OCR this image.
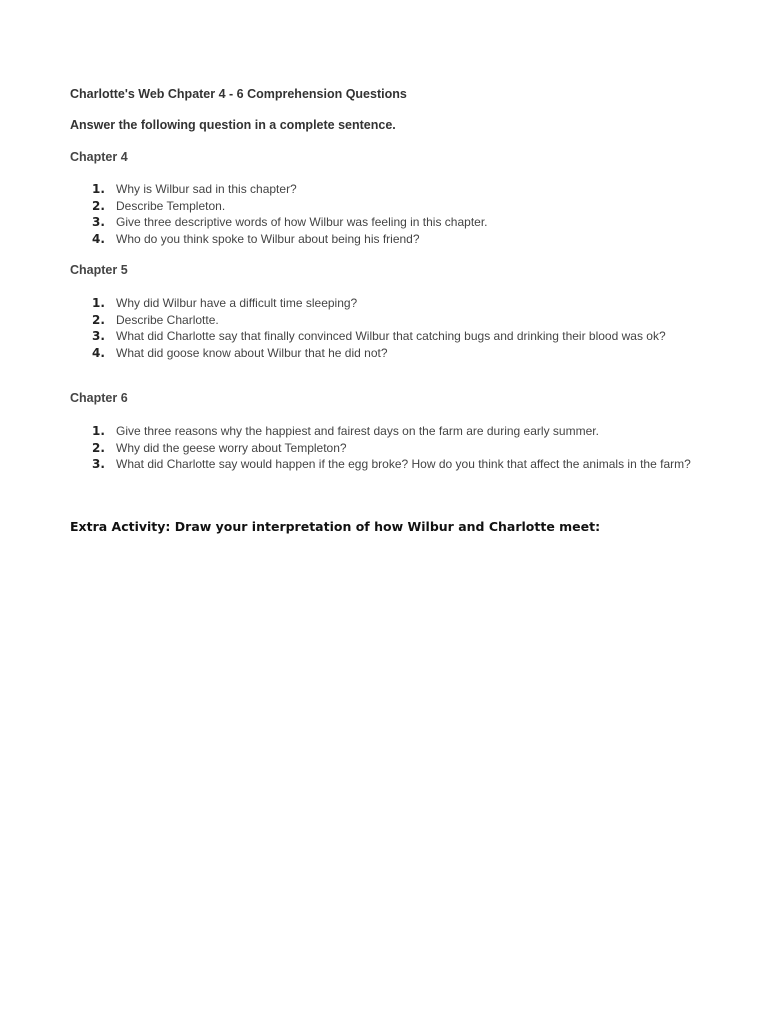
Charlotte's Web Chpater 4 - 6 Comprehension Questions
Answer the following question in a complete sentence.
Chapter 4
1. Why is Wilbur sad in this chapter?
2. Describe Templeton.
3. Give three descriptive words of how Wilbur was feeling in this chapter.
4. Who do you think spoke to Wilbur about being his friend?
Chapter 5
1. Why did Wilbur have a difficult time sleeping?
2. Describe Charlotte.
3. What did Charlotte say that finally convinced Wilbur that catching bugs and drinking their blood was ok?
4. What did goose know about Wilbur that he did not?
Chapter 6
1. Give three reasons why the happiest and fairest days on the farm are during early summer.
2. Why did the geese worry about Templeton?
3. What did Charlotte say would happen if the egg broke? How do you think that affect the animals in the farm?
Extra Activity: Draw your interpretation of how Wilbur and Charlotte meet:
